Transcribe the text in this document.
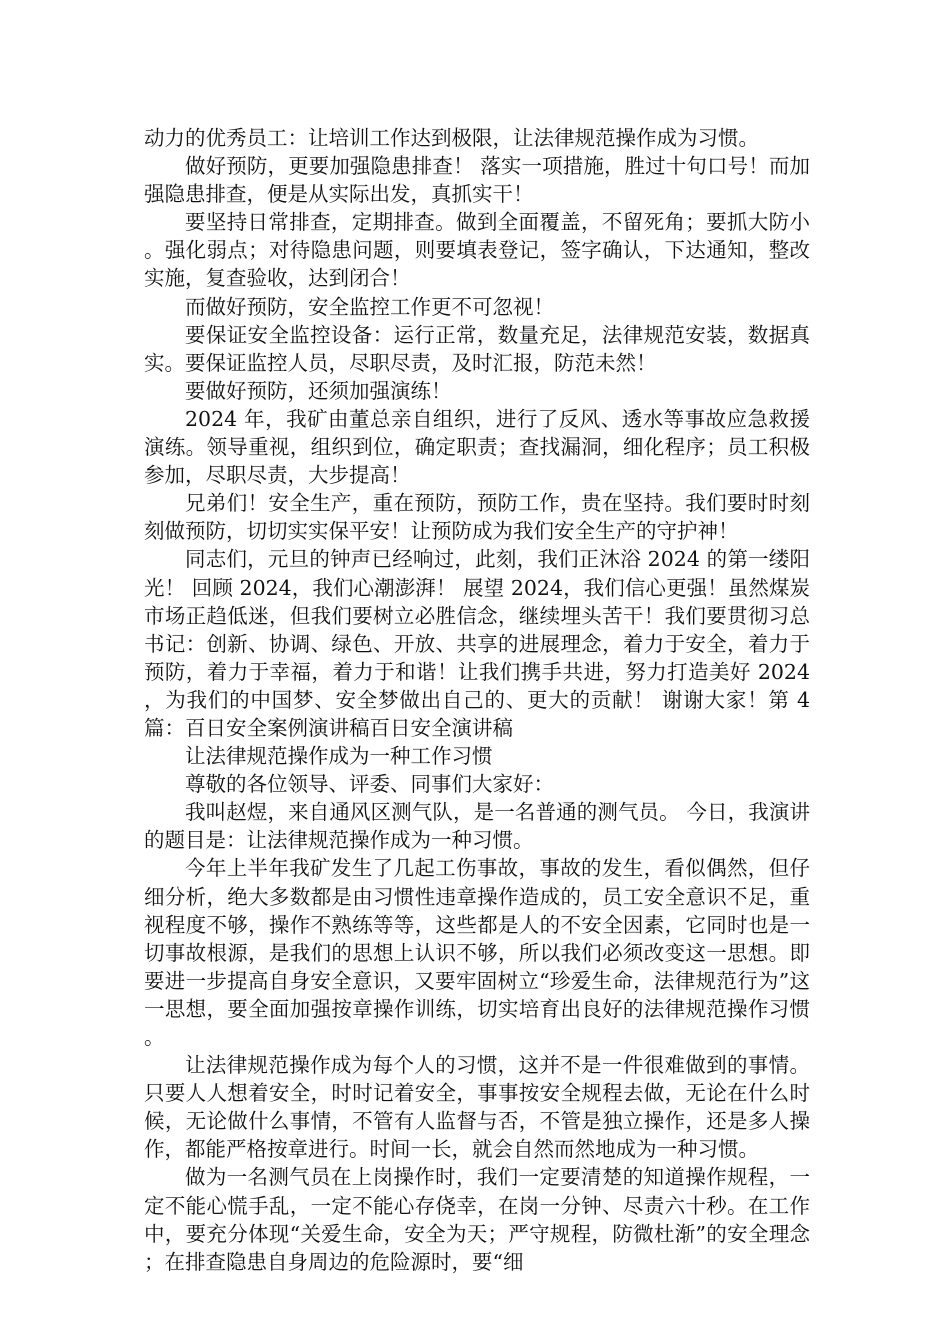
动力的优秀员工：让培训工作达到极限，让法律规范操作成为习惯。

做好预防，更要加强隐患排查！ 落实一项措施，胜过十句口号！而加强隐患排查，便是从实际出发，真抓实干！

要坚持日常排查，定期排查。做到全面覆盖，不留死角；要抓大防小。强化弱点；对待隐患问题，则要填表登记，签字确认，下达通知，整改实施，复查验收，达到闭合！

而做好预防，安全监控工作更不可忽视！

要保证安全监控设备：运行正常，数量充足，法律规范安装，数据真实。要保证监控人员，尽职尽责，及时汇报，防范未然！

要做好预防，还须加强演练！

2024 年，我矿由董总亲自组织，进行了反风、透水等事故应急救援演练。领导重视，组织到位，确定职责；查找漏洞，细化程序；员工积极参加，尽职尽责，大步提高！

兄弟们！安全生产，重在预防，预防工作，贵在坚持。我们要时时刻刻做预防，切切实实保平安！让预防成为我们安全生产的守护神！

同志们，元旦的钟声已经响过，此刻，我们正沐浴 2024 的第一缕阳光！ 回顾 2024，我们心潮澎湃！ 展望 2024，我们信心更强！虽然煤炭市场正趋低迷，但我们要树立必胜信念，继续埋头苦干！我们要贯彻习总书记：创新、协调、绿色、开放、共享的进展理念，着力于安全，着力于预防，着力于幸福，着力于和谐！让我们携手共进，努力打造美好 2024，为我们的中国梦、安全梦做出自己的、更大的贡献！ 谢谢大家！第 4 篇：百日安全案例演讲稿百日安全演讲稿

让法律规范操作成为一种工作习惯

尊敬的各位领导、评委、同事们大家好：

我叫赵煜，来自通风区测气队，是一名普通的测气员。 今日，我演讲的题目是：让法律规范操作成为一种习惯。

今年上半年我矿发生了几起工伤事故，事故的发生，看似偶然，但仔细分析，绝大多数都是由习惯性违章操作造成的，员工安全意识不足，重视程度不够，操作不熟练等等，这些都是人的不安全因素，它同时也是一切事故根源，是我们的思想上认识不够，所以我们必须改变这一思想。即要进一步提高自身安全意识，又要牢固树立“珍爱生命，法律规范行为”这一思想，要全面加强按章操作训练，切实培育出良好的法律规范操作习惯。

让法律规范操作成为每个人的习惯，这并不是一件很难做到的事情。只要人人想着安全，时时记着安全，事事按安全规程去做，无论在什么时候，无论做什么事情，不管有人监督与否，不管是独立操作，还是多人操作，都能严格按章进行。时间一长，就会自然而然地成为一种习惯。

做为一名测气员在上岗操作时，我们一定要清楚的知道操作规程，一定不能心慌手乱，一定不能心存侥幸，在岗一分钟、尽责六十秒。在工作中，要充分体现“关爱生命，安全为天；严守规程，防微杜渐”的安全理念；在排查隐患自身周边的危险源时，要“细
